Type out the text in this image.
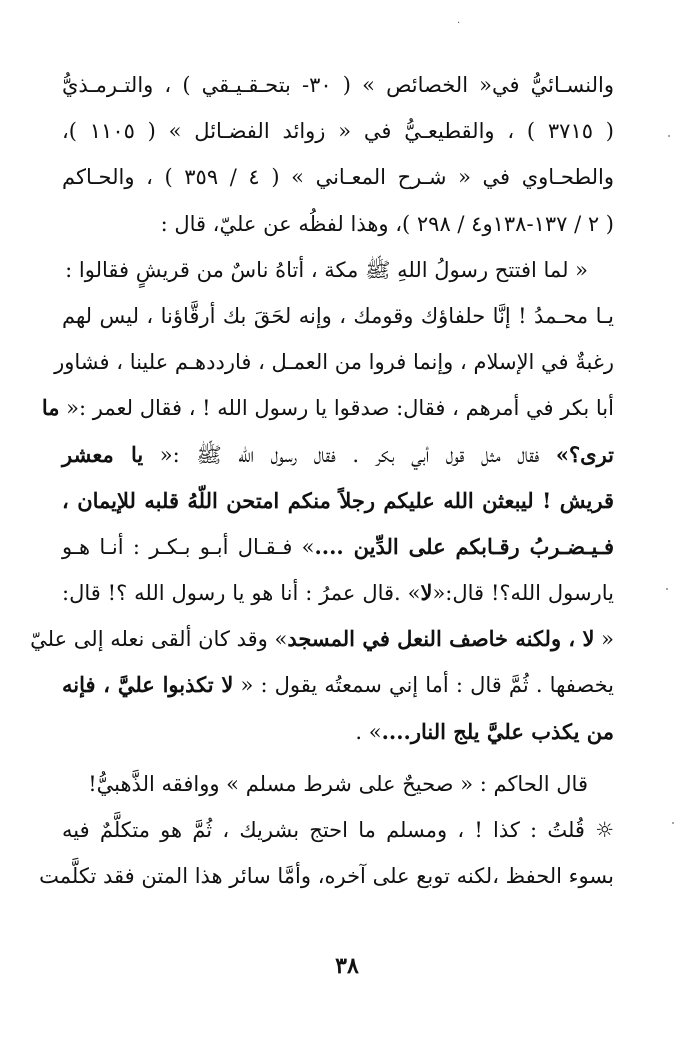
·
والنسـائيُّ في« الخصائص » ( ٣٠- بتحـقـيـقي ) ، والتـرمـذيُّ
( ٣٧١٥ ) ، والقطيعـيُّ في « زوائد الفضـائل » ( ١١٠٥ )،
والطحـاوي في « شـرح المعـاني » ( ٤ / ٣٥٩ ) ، والحـاكم
( ٢ / ١٣٧-١٣٨و٤ / ٢٩٨ )، وهذا لفظُه عن عليّ، قال :
« لما افتتح رسولُ اللهِ ﷺ مكة ، أتاهُ ناسٌ من قريشٍ فقالوا :
يـا محـمدُ ! إنَّا حلفاؤك وقومك ، وإنه لحَقَ بك أرقَّاؤنا ، ليس لهم
رغبةٌ في الإسلام ، وإنما فروا من العمـل ، فارددهـم علينا ، فشاور
أبا بكر في أمرهم ، فقال: صدقوا يا رسول الله ! ، فقال لعمر :« ما
ترى؟» فقال مثل قول أبي بكر . فقال رسول الله ﷺ :« يا معشر
قريش ! ليبعثن الله عليكم رجلاً منكم امتحن اللّهُ قلبه للإيمان ،
فـيـضـربُ رقـابكم على الدِّين ....» فـقـال أبـو بـكـر : أنـا هـو
يارسول الله؟! قال:«لا» .قال عمرُ : أنا هو يا رسول الله ؟! قال:
« لا ، ولكنه خاصف النعل في المسجد» وقد كان ألقى نعله إلى عليّ
يخصفها . ثُمَّ قال : أما إني سمعتُه يقول : « لا تكذبوا عليَّ ، فإنه
من يكذب عليَّ يلج النار....» .
قال الحاكم : « صحيحٌ على شرط مسلم » ووافقه الذَّهبيُّ!
☼ قُلتُ : كذا ! ، ومسلم ما احتج بشريك ، ثُمَّ هو متكلَّمٌ فيه
بسوء الحفظ ،لكنه توبع على آخره، وأمَّا سائر هذا المتن فقد تكلَّمت
٣٨
